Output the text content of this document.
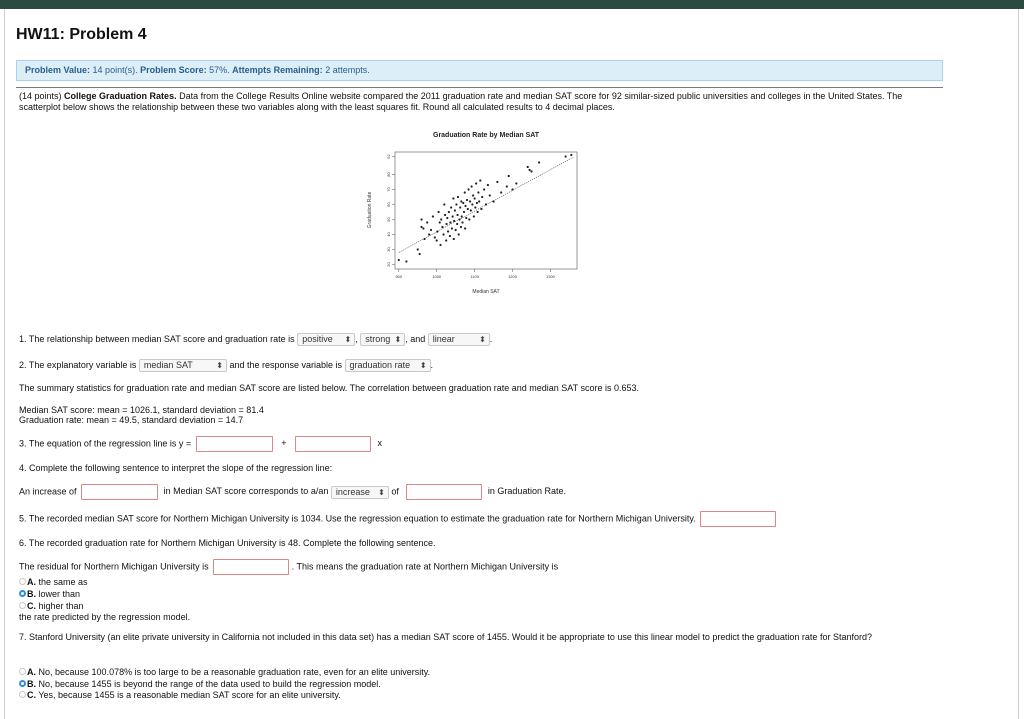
HW11: Problem 4
Problem Value: 14 point(s). Problem Score: 57%. Attempts Remaining: 2 attempts.
(14 points) College Graduation Rates. Data from the College Results Online website compared the 2011 graduation rate and median SAT score for 92 similar-sized public universities and colleges in the United States. The scatterplot below shows the relationship between these two variables along with the least squares fit. Round all calculated results to 4 decimal places.
Graduation Rate by Median SAT
20
30
40
50
60
70
80
92
900	1000	1100	1200	1300
Graduation Rate
Median SAT
1. The relationship between median SAT score and graduation rate is positive ⬍ , strong ⬍ , and linear	⬍ .
2. The explanatory variable is median SAT	⬍ and the response variable is graduation rate ⬍ .
The summary statistics for graduation rate and median SAT score are listed below. The correlation between graduation rate and median SAT score is 0.653.
Median SAT score: mean = 1026.1, standard deviation = 81.4
Graduation rate: mean = 49.5, standard deviation = 14.7
3. The equation of the regression line is y =	+	x
4. Complete the following sentence to interpret the slope of the regression line:
An increase of	in Median SAT score corresponds to a/an increase ⬍ of	in Graduation Rate.
5. The recorded median SAT score for Northern Michigan University is 1034. Use the regression equation to estimate the graduation rate for Northern Michigan University.
6. The recorded graduation rate for Northern Michigan University is 48. Complete the following sentence.
The residual for Northern Michigan University is	. This means the graduation rate at Northern Michigan University is
A. the same as
B. lower than
C. higher than
the rate predicted by the regression model.
7. Stanford University (an elite private university in California not included in this data set) has a median SAT score of 1455. Would it be appropriate to use this linear model to predict the graduation rate for Stanford?
A. No, because 100.078% is too large to be a reasonable graduation rate, even for an elite university.
B. No, because 1455 is beyond the range of the data used to build the regression model.
C. Yes, because 1455 is a reasonable median SAT score for an elite university.
